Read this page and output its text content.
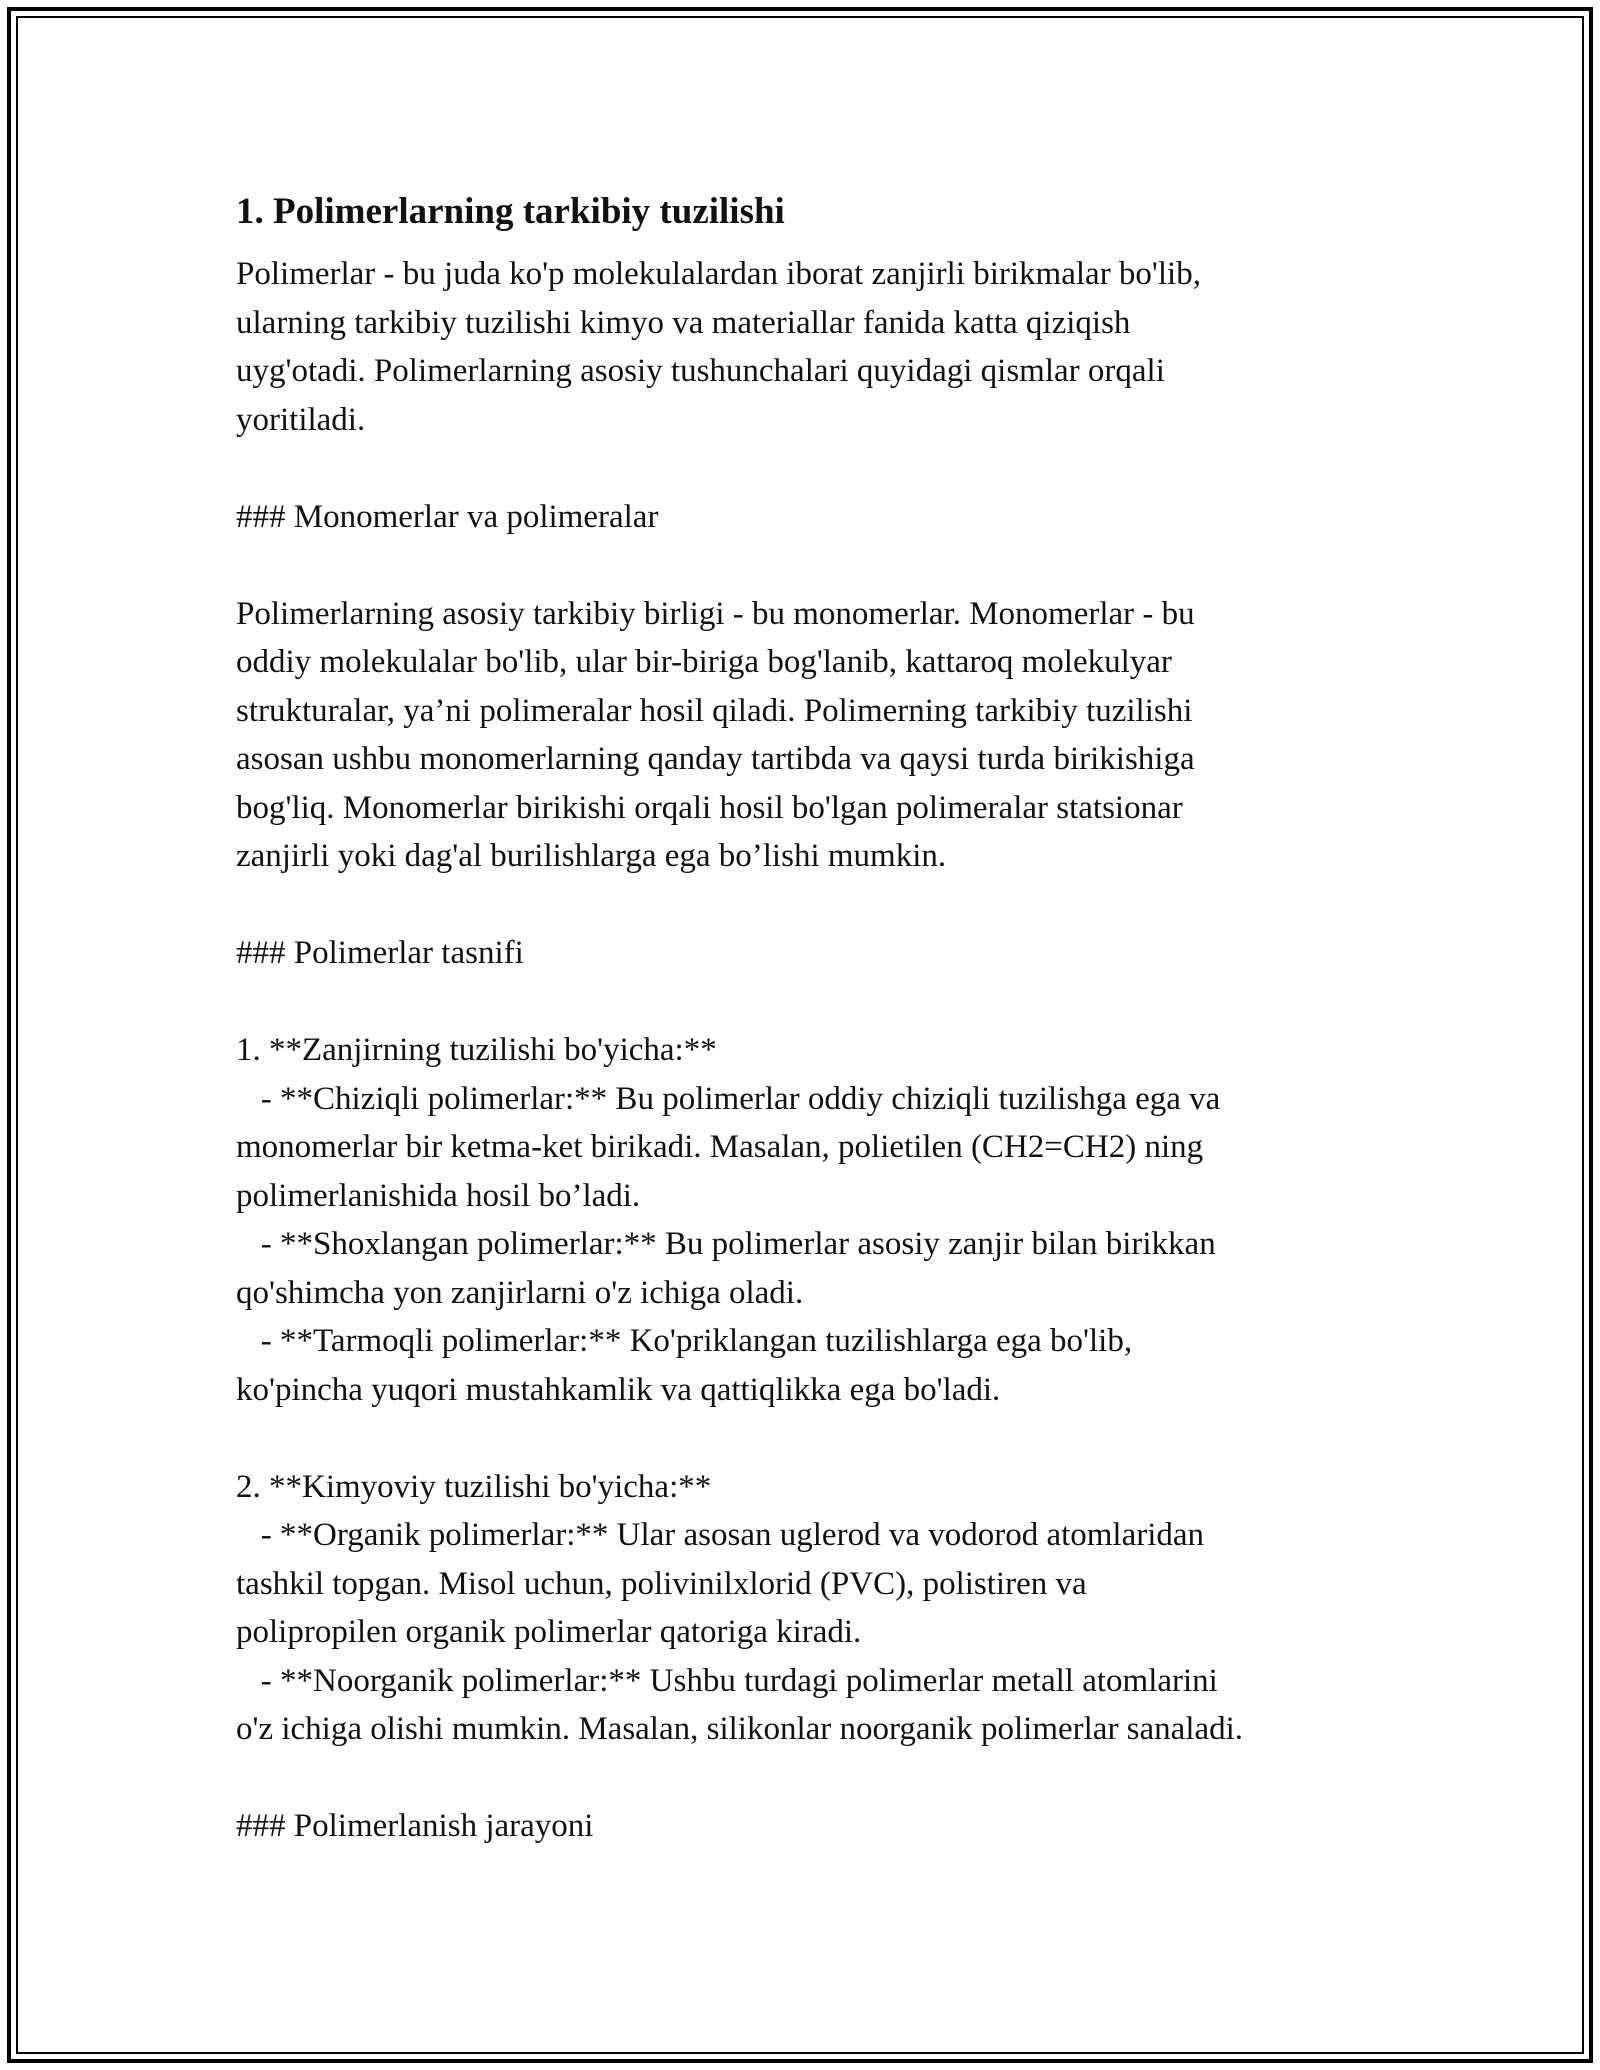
1. Polimerlarning tarkibiy tuzilishi
Polimerlar - bu juda ko'p molekulalardan iborat zanjirli birikmalar bo'lib,
ularning tarkibiy tuzilishi kimyo va materiallar fanida katta qiziqish
uyg'otadi. Polimerlarning asosiy tushunchalari quyidagi qismlar orqali
yoritiladi.
### Monomerlar va polimeralar
Polimerlarning asosiy tarkibiy birligi - bu monomerlar. Monomerlar - bu
oddiy molekulalar bo'lib, ular bir-biriga bog'lanib, kattaroq molekulyar
strukturalar, ya’ni polimeralar hosil qiladi. Polimerning tarkibiy tuzilishi
asosan ushbu monomerlarning qanday tartibda va qaysi turda birikishiga
bog'liq. Monomerlar birikishi orqali hosil bo'lgan polimeralar statsionar
zanjirli yoki dag'al burilishlarga ega bo’lishi mumkin.
### Polimerlar tasnifi
1. **Zanjirning tuzilishi bo'yicha:**
- **Chiziqli polimerlar:** Bu polimerlar oddiy chiziqli tuzilishga ega va
monomerlar bir ketma-ket birikadi. Masalan, polietilen (CH2=CH2) ning
polimerlanishida hosil bo’ladi.
- **Shoxlangan polimerlar:** Bu polimerlar asosiy zanjir bilan birikkan
qo'shimcha yon zanjirlarni o'z ichiga oladi.
- **Tarmoqli polimerlar:** Ko'priklangan tuzilishlarga ega bo'lib,
ko'pincha yuqori mustahkamlik va qattiqlikka ega bo'ladi.
2. **Kimyoviy tuzilishi bo'yicha:**
- **Organik polimerlar:** Ular asosan uglerod va vodorod atomlaridan
tashkil topgan. Misol uchun, polivinilxlorid (PVC), polistiren va
polipropilen organik polimerlar qatoriga kiradi.
- **Noorganik polimerlar:** Ushbu turdagi polimerlar metall atomlarini
o'z ichiga olishi mumkin. Masalan, silikonlar noorganik polimerlar sanaladi.
### Polimerlanish jarayoni
